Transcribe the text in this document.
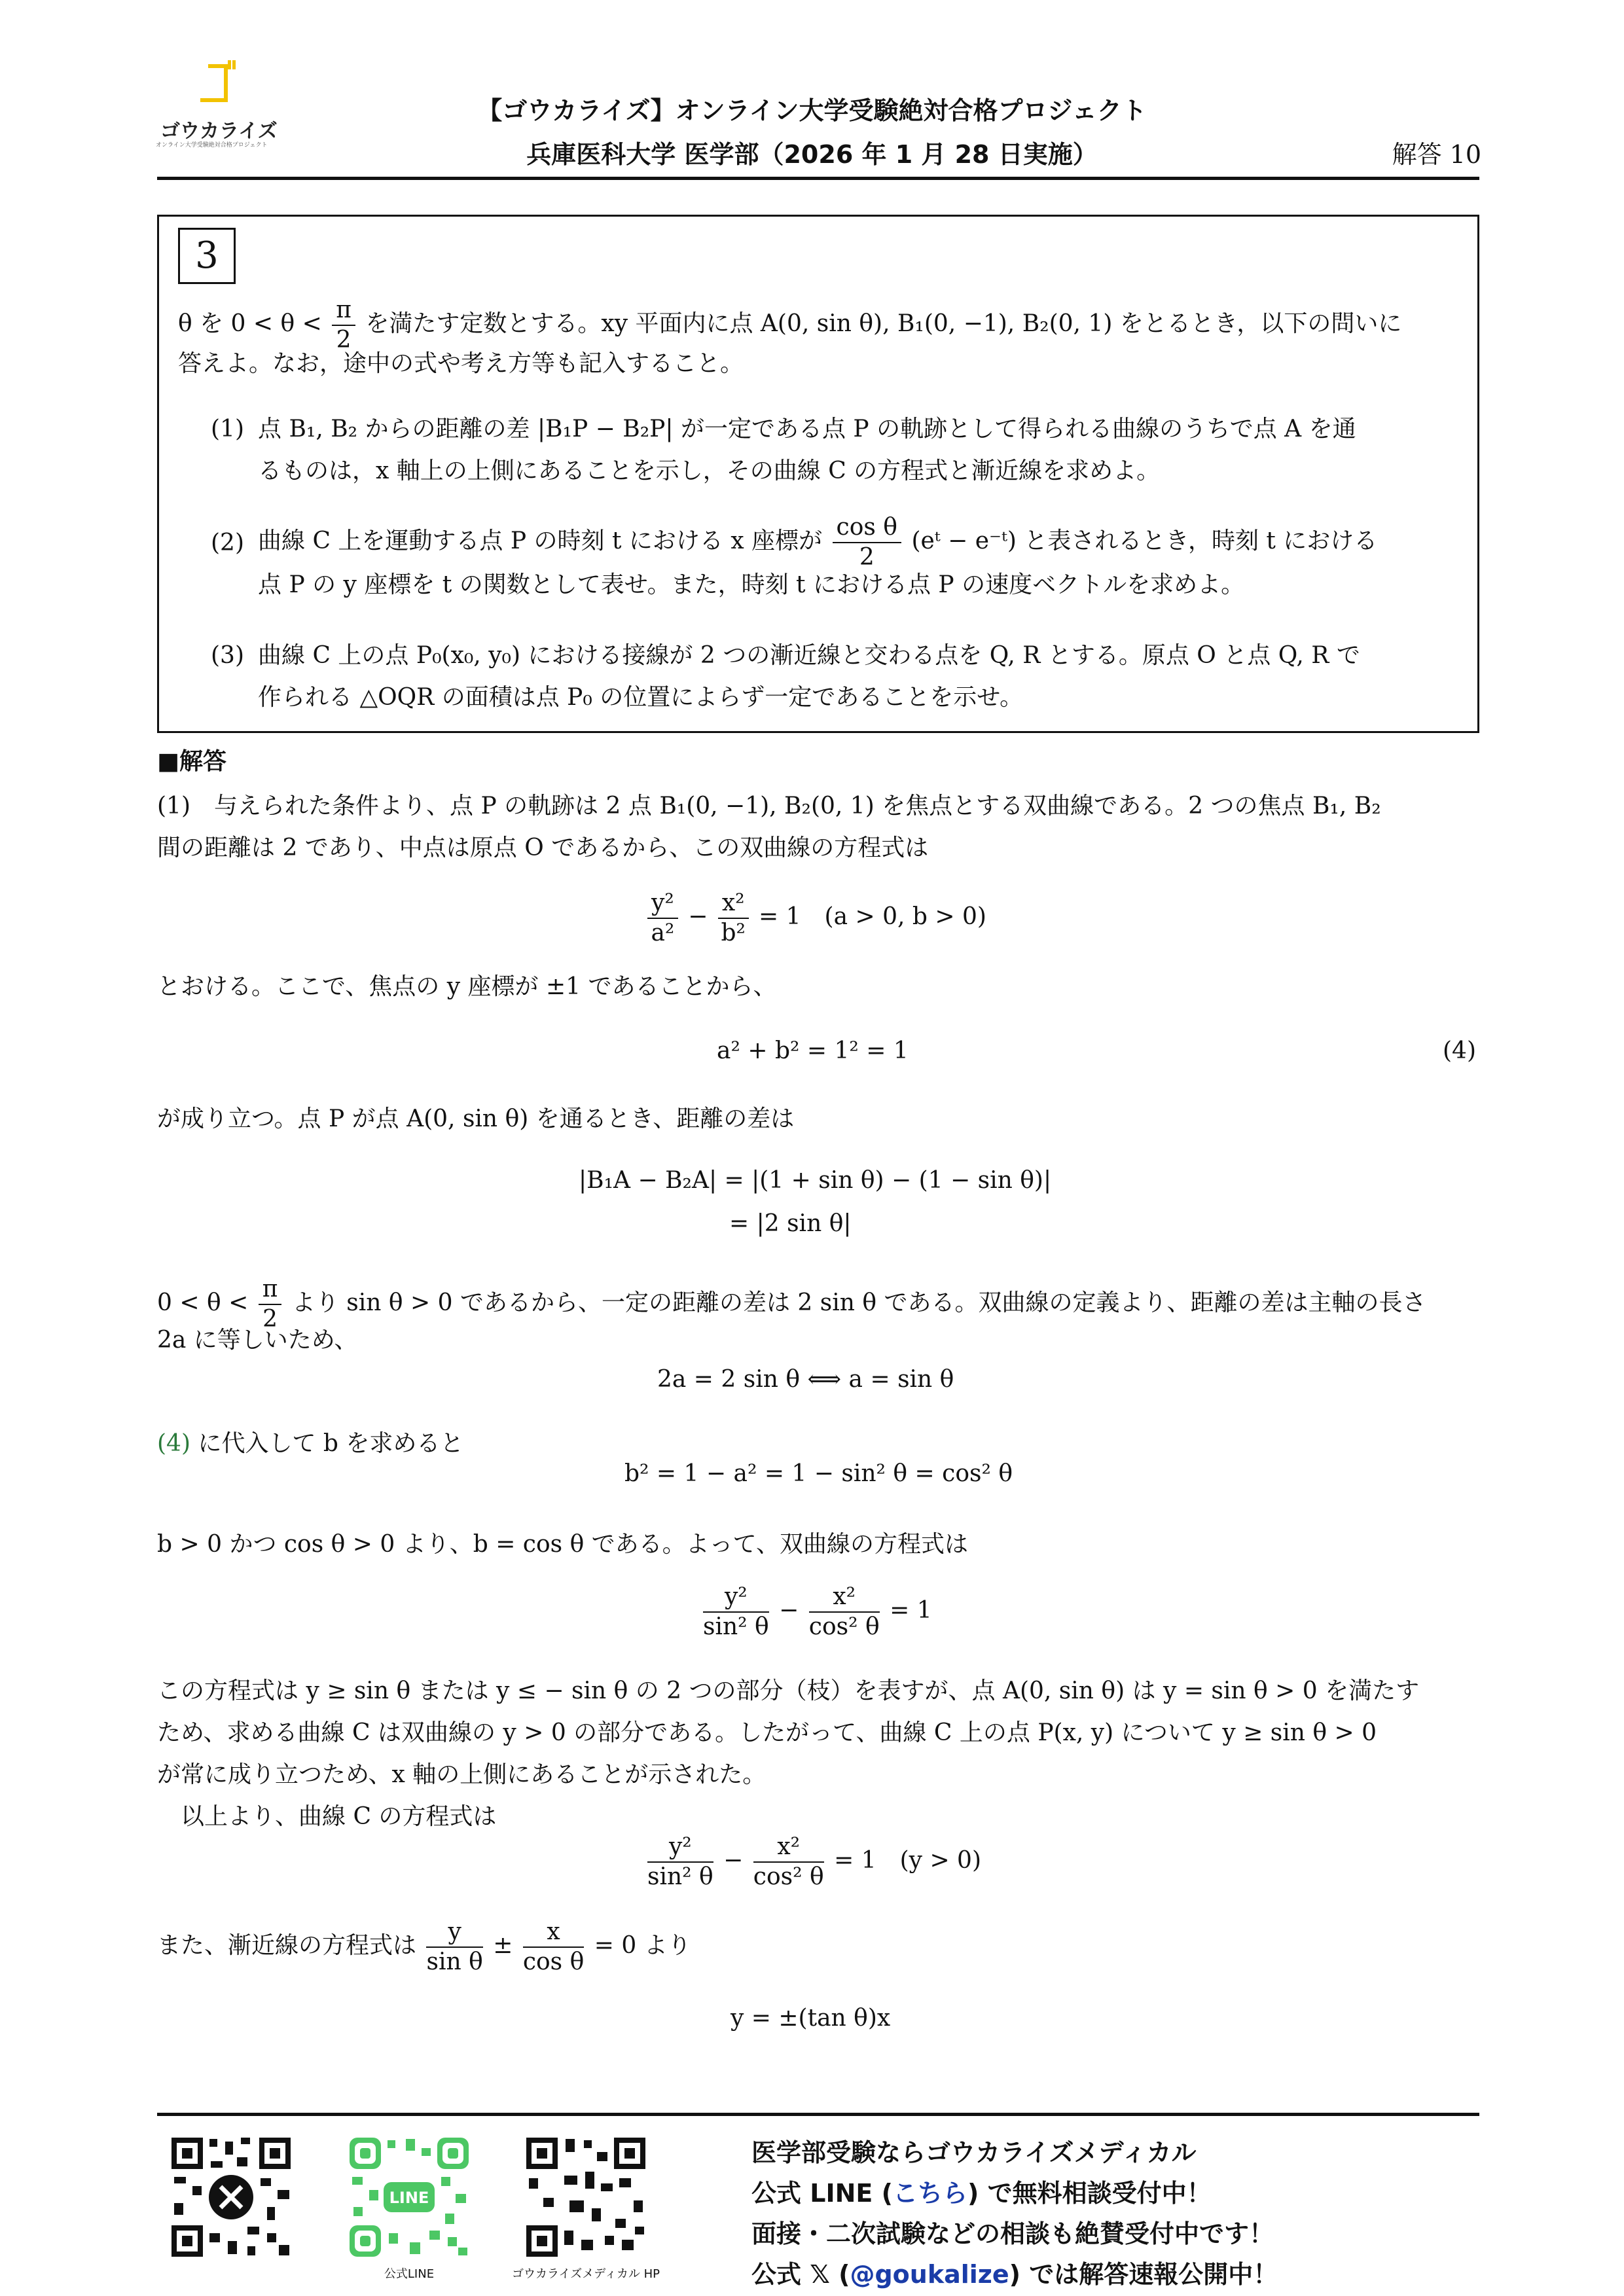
ゴウカライズ
オンライン大学受験絶対合格プロジェクト
【ゴウカライズ】オンライン大学受験絶対合格プロジェクト
兵庫医科大学 医学部（2026 年 1 月 28 日実施）	解答 10
3
θ を $0 < \theta < \frac{\pi}{2}$ を満たす定数とする。xy 平面内に点 A(0, sin θ), B₁(0, −1), B₂(0, 1) をとるとき，以下の問いに
答えよ。なお，途中の式や考え方等も記入すること。
(1) 点 B₁, B₂ からの距離の差 |B₁P − B₂P| が一定である点 P の軌跡として得られる曲線のうちで点 A を通
るものは，x 軸上の上側にあることを示し，その曲線 C の方程式と漸近線を求めよ。
(2) 曲線 C 上を運動する点 P の時刻 t における x 座標が $\frac{\text{cos θ}}{2}$ (eᵗ − e⁻ᵗ) と表されるとき，時刻 t における
点 P の y 座標を t の関数として表せ。また，時刻 t における点 P の速度ベクトルを求めよ。
(3) 曲線 C 上の点 P₀(x₀, y₀) における接線が 2 つの漸近線と交わる点を Q, R とする。原点 O と点 Q, R で
作られる △OQR の面積は点 P₀ の位置によらず一定であることを示せ。
■解答
(1)　与えられた条件より、点 P の軌跡は 2 点 B₁(0, −1), B₂(0, 1) を焦点とする双曲線である。2 つの焦点 B₁, B₂
間の距離は 2 であり、中点は原点 O であるから、この双曲線の方程式は
$\frac{\text{y²}}{\text{a²}} - \frac{\text{x²}}{\text{b²}} = 1$　(a > 0, b > 0)
とおける。ここで、焦点の y 座標が ±1 であることから、
a² + b² = 1² = 1	(4)
が成り立つ。点 P が点 A(0, sin θ) を通るとき、距離の差は
|B₁A − B₂A| = |(1 + sin θ) − (1 − sin θ)|
= |2 sin θ|
$0 < \theta < \frac{\pi}{2}$ より sin θ > 0 であるから、一定の距離の差は 2 sin θ である。双曲線の定義より、距離の差は主軸の長さ
2a に等しいため、
2a = 2 sin θ ⟺ a = sin θ
(4) に代入して b を求めると
b² = 1 − a² = 1 − sin² θ = cos² θ
b > 0 かつ cos θ > 0 より、b = cos θ である。よって、双曲線の方程式は
$\frac{\text{y²}}{\text{sin² θ}} - \frac{\text{x²}}{\text{cos² θ}} = 1$
この方程式は y ≥ sin θ または y ≤ − sin θ の 2 つの部分（枝）を表すが、点 A(0, sin θ) は y = sin θ > 0 を満たす
ため、求める曲線 C は双曲線の y > 0 の部分である。したがって、曲線 C 上の点 P(x, y) について y ≥ sin θ > 0
が常に成り立つため、x 軸の上側にあることが示された。
以上より、曲線 C の方程式は
$\frac{\text{y²}}{\text{sin² θ}} - \frac{\text{x²}}{\text{cos² θ}} = 1$　(y > 0)
また、漸近線の方程式は $\frac{y}{\text{sin θ}} \pm \frac{x}{\text{cos θ}} = 0$ より
y = ±(tan θ)x
LINE
公式LINE	ゴウカライズメディカル HP
医学部受験ならゴウカライズメディカル
公式 LINE (こちら) で無料相談受付中！
面接・二次試験などの相談も絶賛受付中です！
公式 𝕏 (@goukalize) では解答速報公開中！
